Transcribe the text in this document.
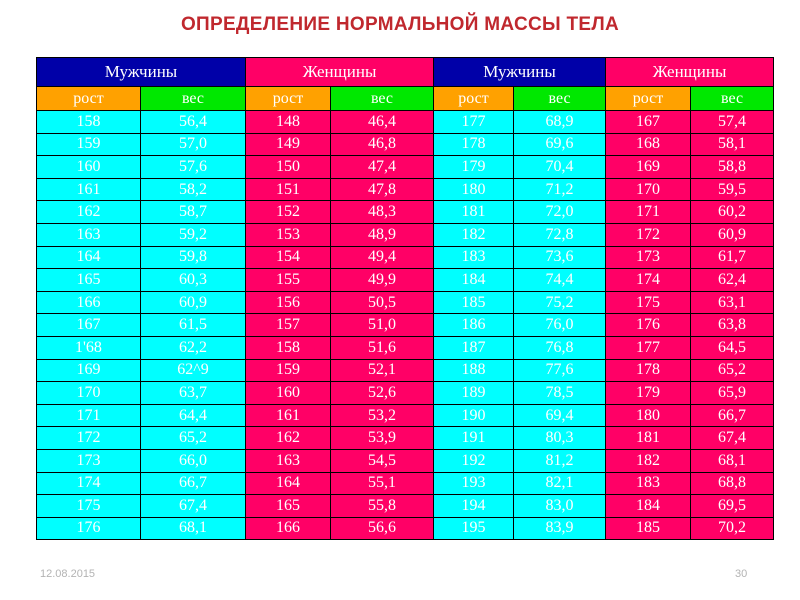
ОПРЕДЕЛЕНИЕ НОРМАЛЬНОЙ МАССЫ ТЕЛА
Мужчины		Женщины		Мужчины		Женщины	
рост	вес	рост	вес	рост	вес	рост	вес
158	56,4	148	46,4	177	68,9	167	57,4
159	57,0	149	46,8	178	69,6	168	58,1
160	57,6	150	47,4	179	70,4	169	58,8
161	58,2	151	47,8	180	71,2	170	59,5
162	58,7	152	48,3	181	72,0	171	60,2
163	59,2	153	48,9	182	72,8	172	60,9
164	59,8	154	49,4	183	73,6	173	61,7
165	60,3	155	49,9	184	74,4	174	62,4
166	60,9	156	50,5	185	75,2	175	63,1
167	61,5	157	51,0	186	76,0	176	63,8
1'68	62,2	158	51,6	187	76,8	177	64,5
169	62^9	159	52,1	188	77,6	178	65,2
170	63,7	160	52,6	189	78,5	179	65,9
171	64,4	161	53,2	190	69,4	180	66,7
172	65,2	162	53,9	191	80,3	181	67,4
173	66,0	163	54,5	192	81,2	182	68,1
174	66,7	164	55,1	193	82,1	183	68,8
175	67,4	165	55,8	194	83,0	184	69,5
176	68,1	166	56,6	195	83,9	185	70,2
12.08.2015	30
